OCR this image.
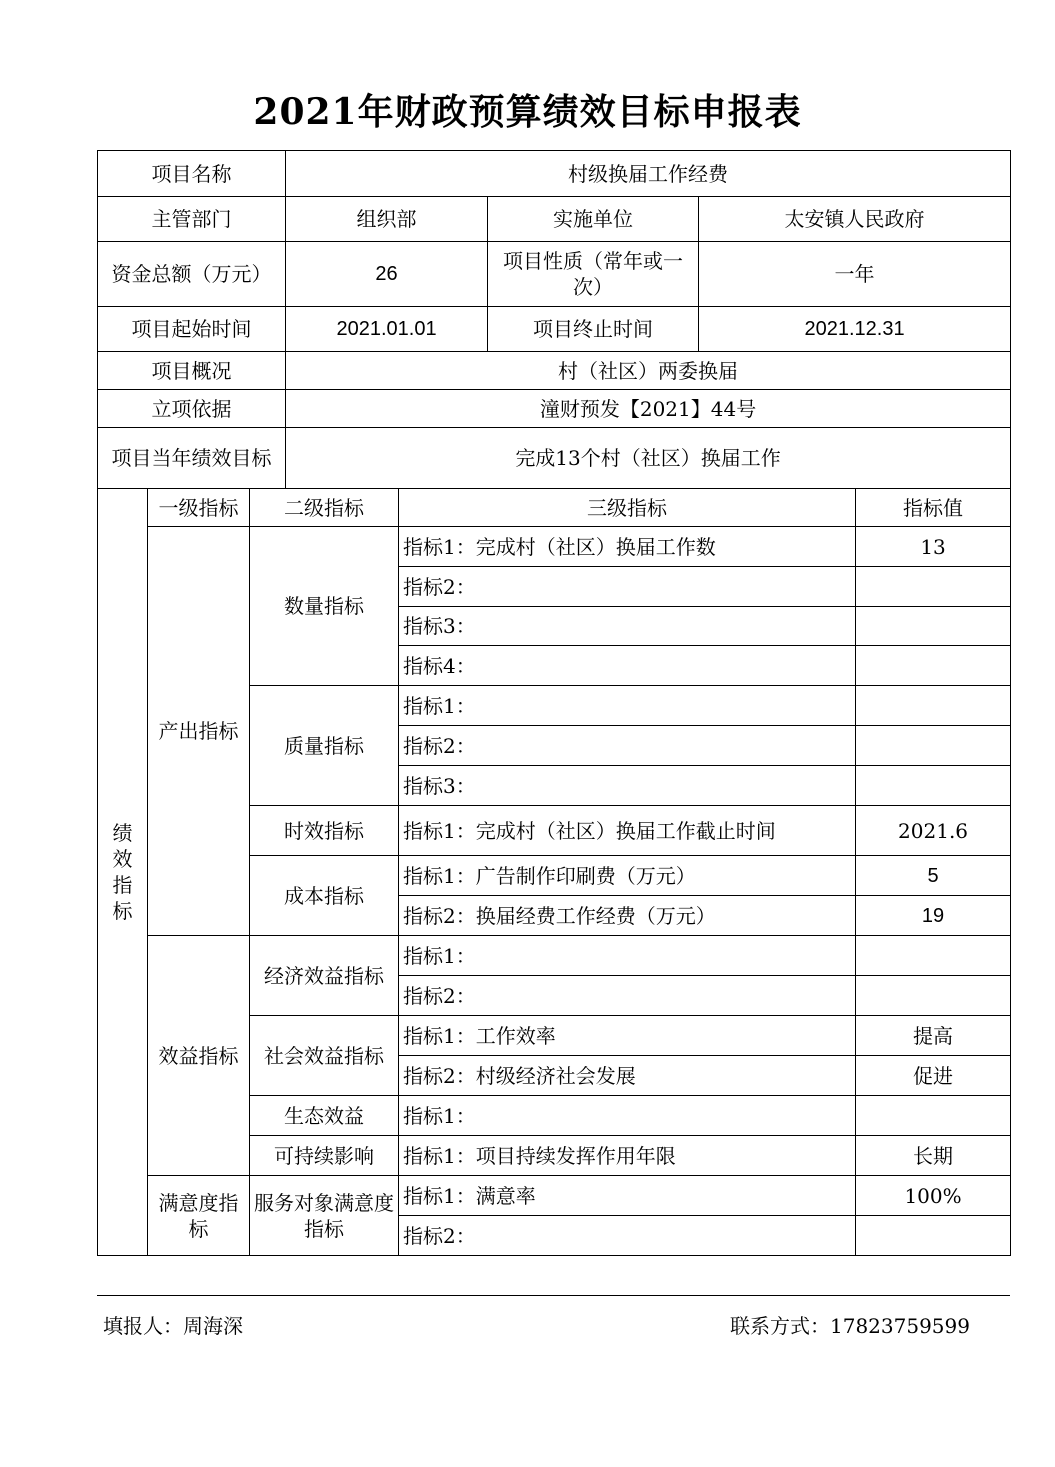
2021年财政预算绩效目标申报表
项目名称			村级换届工作经费				
主管部门			组织部		实施单位	太安镇人民政府	
资金总额（万元）			26		项目性质（常年或一次）	一年	
项目起始时间			2021.01.01		项目终止时间	2021.12.31	
项目概况			村（社区）两委换届				
立项依据			潼财预发【2021】44号				
项目当年绩效目标			完成13个村（社区）换届工作				
绩效指标	一级指标	二级指标		三级指标			指标值
	产出指标	数量指标		指标1：完成村（社区）换届工作数			13
				指标2：			
				指标3：			
				指标4：			
		质量指标		指标1：			
				指标2：			
				指标3：			
		时效指标		指标1：完成村（社区）换届工作截止时间			2021.6
		成本指标		指标1：广告制作印刷费（万元）			5
				指标2：换届经费工作经费（万元）			19
	效益指标	经济效益指标		指标1：			
				指标2：			
		社会效益指标		指标1：工作效率			提高
				指标2：村级经济社会发展			促进
		生态效益		指标1：			
		可持续影响		指标1：项目持续发挥作用年限			长期
	满意度指标	服务对象满意度指标		指标1：满意率			100%
				指标2：			
填报人：周海深	联系方式：17823759599
